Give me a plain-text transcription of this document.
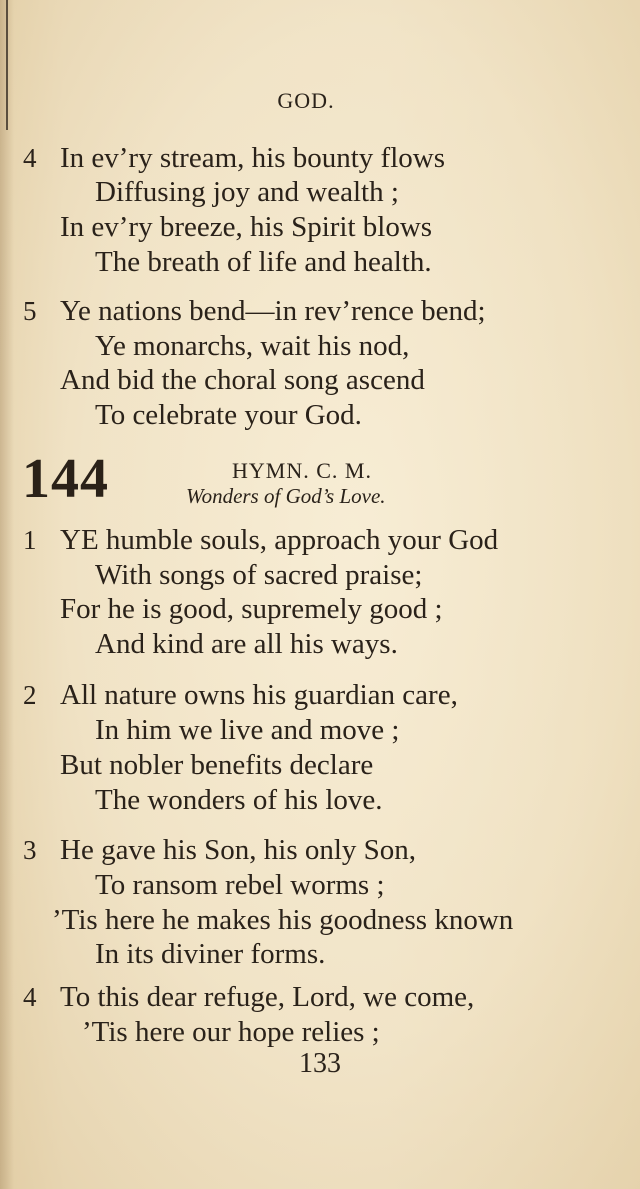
GOD.
4 In ev’ry stream, his bounty flows
Diffusing joy and wealth ;
In ev’ry breeze, his Spirit blows
The breath of life and health.
5 Ye nations bend—in rev’rence bend;
Ye monarchs, wait his nod,
And bid the choral song ascend
To celebrate your God.
144	HYMN. C. M.
Wonders of God’s Love.
1 YE humble souls, approach your God
With songs of sacred praise;
For he is good, supremely good ;
And kind are all his ways.
2 All nature owns his guardian care,
In him we live and move ;
But nobler benefits declare
The wonders of his love.
3 He gave his Son, his only Son,
To ransom rebel worms ;
’Tis here he makes his goodness known
In its diviner forms.
4 To this dear refuge, Lord, we come,
’Tis here our hope relies ;
133
